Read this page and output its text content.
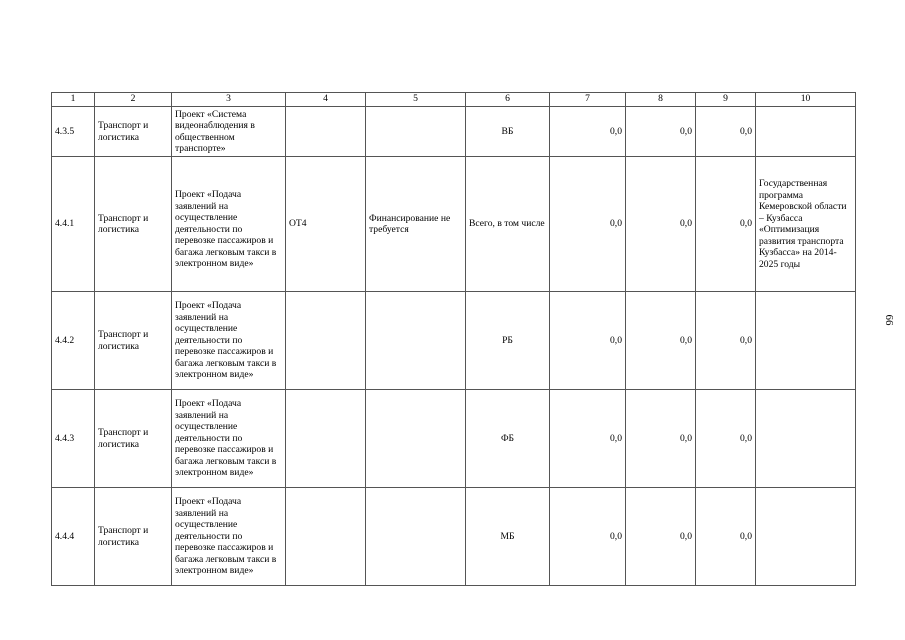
1	2	3	4	5	6	7	8	9	10
4.3.5	Транспорт и логистика	Проект «Система видеонаблюдения в общественном транспорте»			ВБ	0,0	0,0	0,0	
4.4.1	Транспорт и логистика	Проект «Подача заявлений на осуществление деятельности по перевозке пассажиров и багажа легковым такси в электронном виде»	ОТ4	Финансирование не требуется	Всего, в том числе	0,0	0,0	0,0	Государственная программа Кемеровской области – Кузбасса «Оптимизация развития транспорта Кузбасса» на 2014-2025 годы
4.4.2	Транспорт и логистика	Проект «Подача заявлений на осуществление деятельности по перевозке пассажиров и багажа легковым такси в электронном виде»			РБ	0,0	0,0	0,0	
4.4.3	Транспорт и логистика	Проект «Подача заявлений на осуществление деятельности по перевозке пассажиров и багажа легковым такси в электронном виде»			ФБ	0,0	0,0	0,0	
4.4.4	Транспорт и логистика	Проект «Подача заявлений на осуществление деятельности по перевозке пассажиров и багажа легковым такси в электронном виде»			МБ	0,0	0,0	0,0	
66
